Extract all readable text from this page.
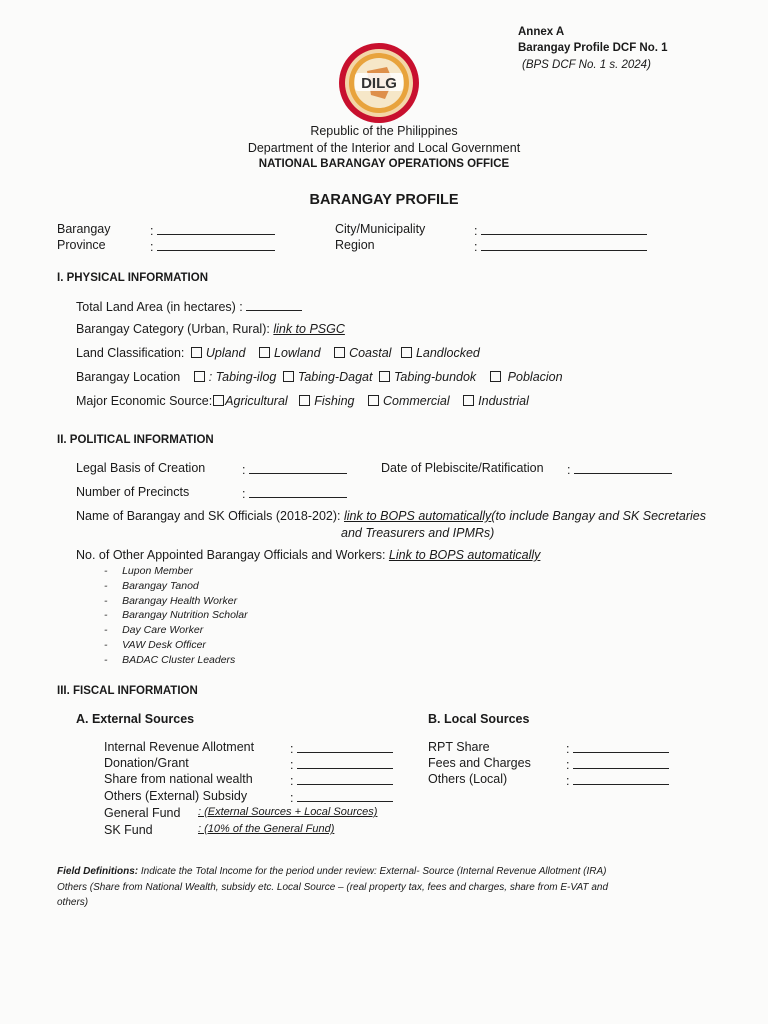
Annex A
Barangay Profile DCF No. 1
(BPS DCF No. 1 s. 2024)
DILG
Republic of the Philippines
Department of the Interior and Local Government
NATIONAL BARANGAY OPERATIONS OFFICE
BARANGAY PROFILE
Barangay	:
Province	:
City/Municipality	:
Region	:
I. PHYSICAL INFORMATION
Total Land Area (in hectares) :
Barangay Category (Urban, Rural): link to PSGC
Land Classification: Upland Lowland Coastal Landlocked
Barangay Location : Tabing-ilog Tabing-Dagat Tabing-bundok	Poblacion
Major Economic Source: Agricultural Fishing Commercial Industrial
II. POLITICAL INFORMATION
Legal Basis of Creation	:	Date of Plebiscite/Ratification :
Number of Precincts	:
Name of Barangay and SK Officials (2018-202): link to BOPS automatically(to include Bangay and SK Secretaries
and Treasurers and IPMRs)
No. of Other Appointed Barangay Officials and Workers: Link to BOPS automatically
-     Lupon Member
-     Barangay Tanod
-     Barangay Health Worker
-     Barangay Nutrition Scholar
-     Day Care Worker
-     VAW Desk Officer
-     BADAC Cluster Leaders
III. FISCAL INFORMATION
A. External Sources	B. Local Sources
Internal Revenue Allotment	:
Donation/Grant	:
Share from national wealth	:
Others (External) Subsidy	:
General Fund : (External Sources + Local Sources)
SK Fund	: (10% of the General Fund)
RPT Share	:
Fees and Charges	:
Others (Local)	:
Field Definitions: Indicate the Total Income for the period under review: External- Source (Internal Revenue Allotment (IRA)
Others (Share from National Wealth, subsidy etc. Local Source – (real property tax, fees and charges, share from E-VAT and
others)
